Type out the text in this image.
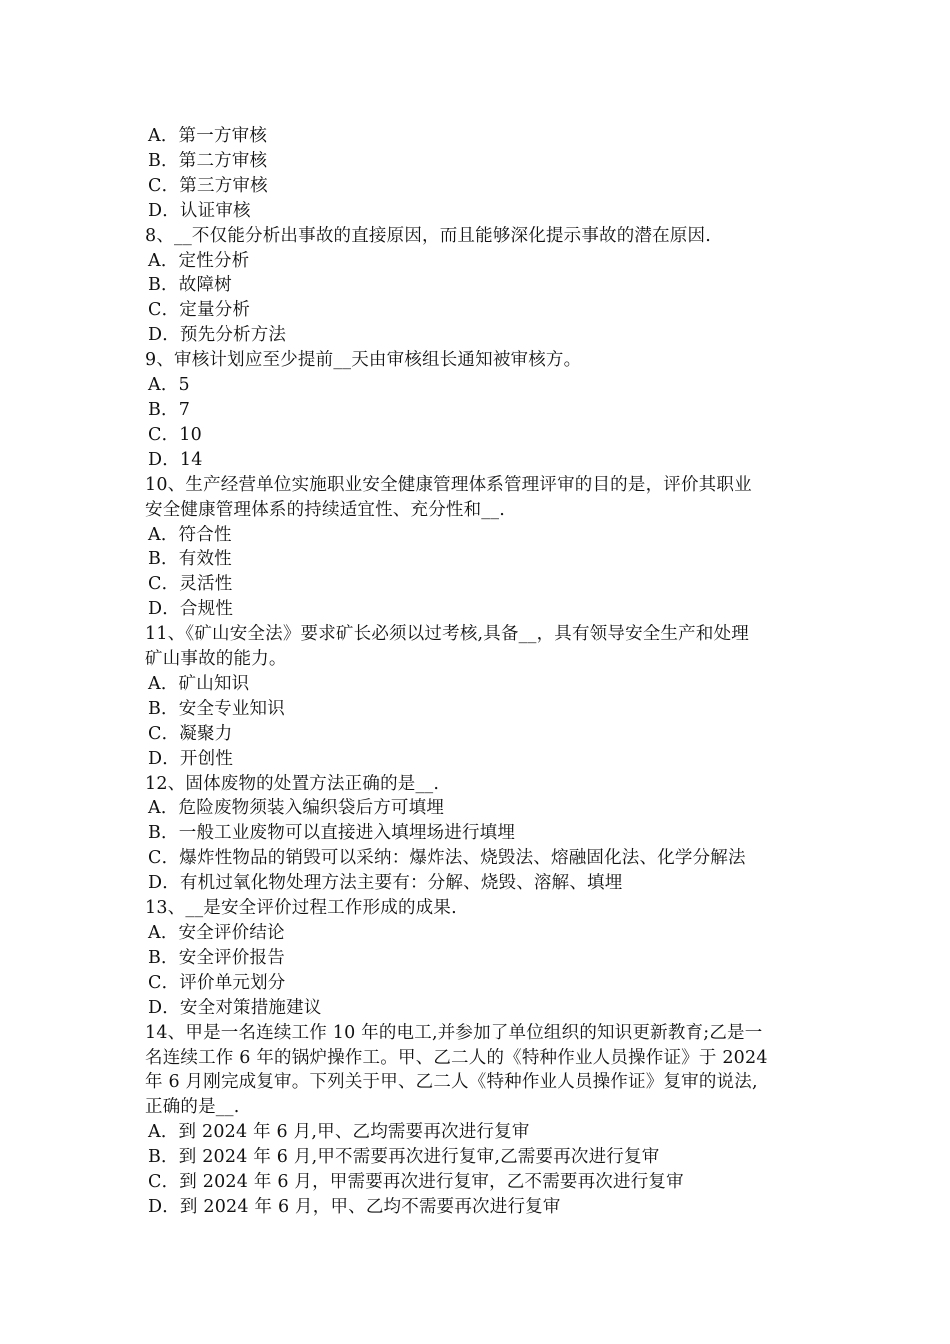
A．第一方审核
B．第二方审核
C．第三方审核
D．认证审核
8、__不仅能分析出事故的直接原因，而且能够深化提示事故的潜在原因.
A．定性分析
B．故障树
C．定量分析
D．预先分析方法
9、审核计划应至少提前__天由审核组长通知被审核方。
A．5
B．7
C．10
D．14
10、生产经营单位实施职业安全健康管理体系管理评审的目的是，评价其职业
安全健康管理体系的持续适宜性、充分性和__.
A．符合性
B．有效性
C．灵活性
D．合规性
11、《矿山安全法》要求矿长必须以过考核,具备__，具有领导安全生产和处理
矿山事故的能力。
A．矿山知识
B．安全专业知识
C．凝聚力
D．开创性
12、固体废物的处置方法正确的是__.
A．危险废物须装入编织袋后方可填埋
B．一般工业废物可以直接进入填埋场进行填埋
C．爆炸性物品的销毁可以采纳：爆炸法、烧毁法、熔融固化法、化学分解法
D．有机过氧化物处理方法主要有：分解、烧毁、溶解、填埋
13、__是安全评价过程工作形成的成果.
A．安全评价结论
B．安全评价报告
C．评价单元划分
D．安全对策措施建议
14、甲是一名连续工作 10 年的电工,并参加了单位组织的知识更新教育;乙是一
名连续工作 6 年的锅炉操作工。甲、乙二人的《特种作业人员操作证》于 2024
年 6 月刚完成复审。下列关于甲、乙二人《特种作业人员操作证》复审的说法,
正确的是__.
A．到 2024 年 6 月,甲、乙均需要再次进行复审
B．到 2024 年 6 月,甲不需要再次进行复审,乙需要再次进行复审
C．到 2024 年 6 月，甲需要再次进行复审，乙不需要再次进行复审
D．到 2024 年 6 月，甲、乙均不需要再次进行复审
